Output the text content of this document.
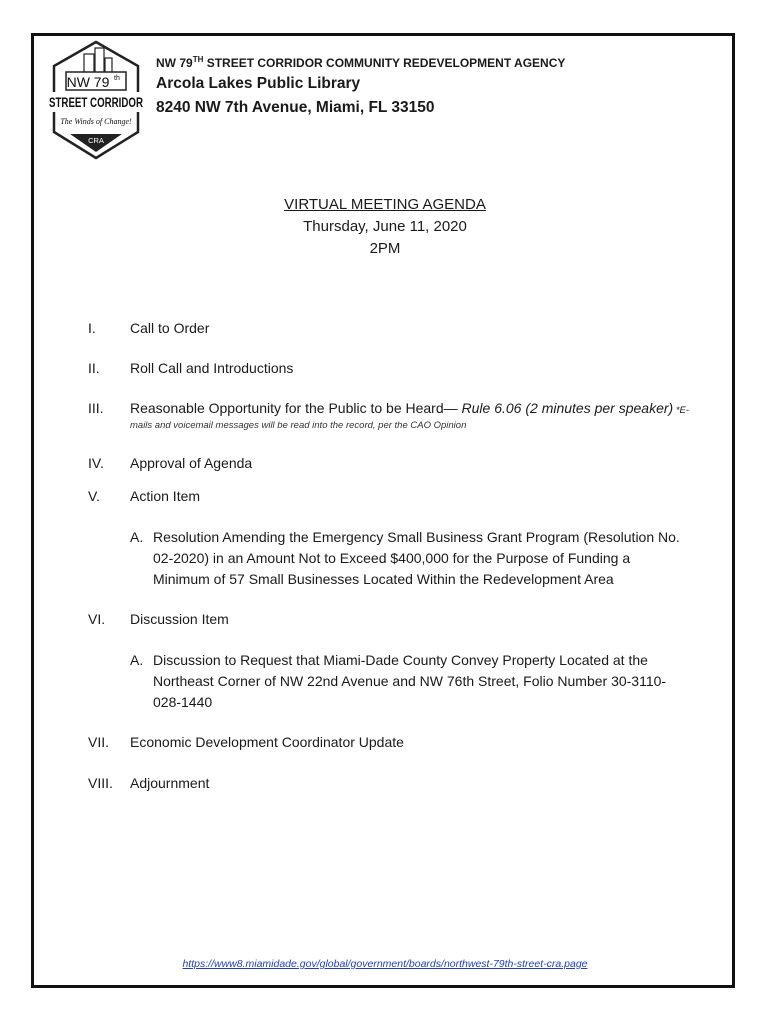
NW 79 th
STREET CORRIDOR
The Winds of Change!
CRA
NW 79TH STREET CORRIDOR COMMUNITY REDEVELOPMENT AGENCY
Arcola Lakes Public Library
8240 NW 7th Avenue, Miami, FL 33150
VIRTUAL MEETING AGENDA
Thursday, June 11, 2020
2PM
I.	Call to Order
II.	Roll Call and Introductions
III.	Reasonable Opportunity for the Public to be Heard— Rule 6.06 (2 minutes per speaker) *E-
mails and voicemail messages will be read into the record, per the CAO Opinion
IV.	Approval of Agenda
V.	Action Item
A. Resolution Amending the Emergency Small Business Grant Program (Resolution No.
02-2020) in an Amount Not to Exceed $400,000 for the Purpose of Funding a
Minimum of 57 Small Businesses Located Within the Redevelopment Area
VI.	Discussion Item
A. Discussion to Request that Miami-Dade County Convey Property Located at the
Northeast Corner of NW 22nd Avenue and NW 76th Street, Folio Number 30-3110-
028-1440
VII.	Economic Development Coordinator Update
VIII.	Adjournment
https://www8.miamidade.gov/global/government/boards/northwest-79th-street-cra.page
